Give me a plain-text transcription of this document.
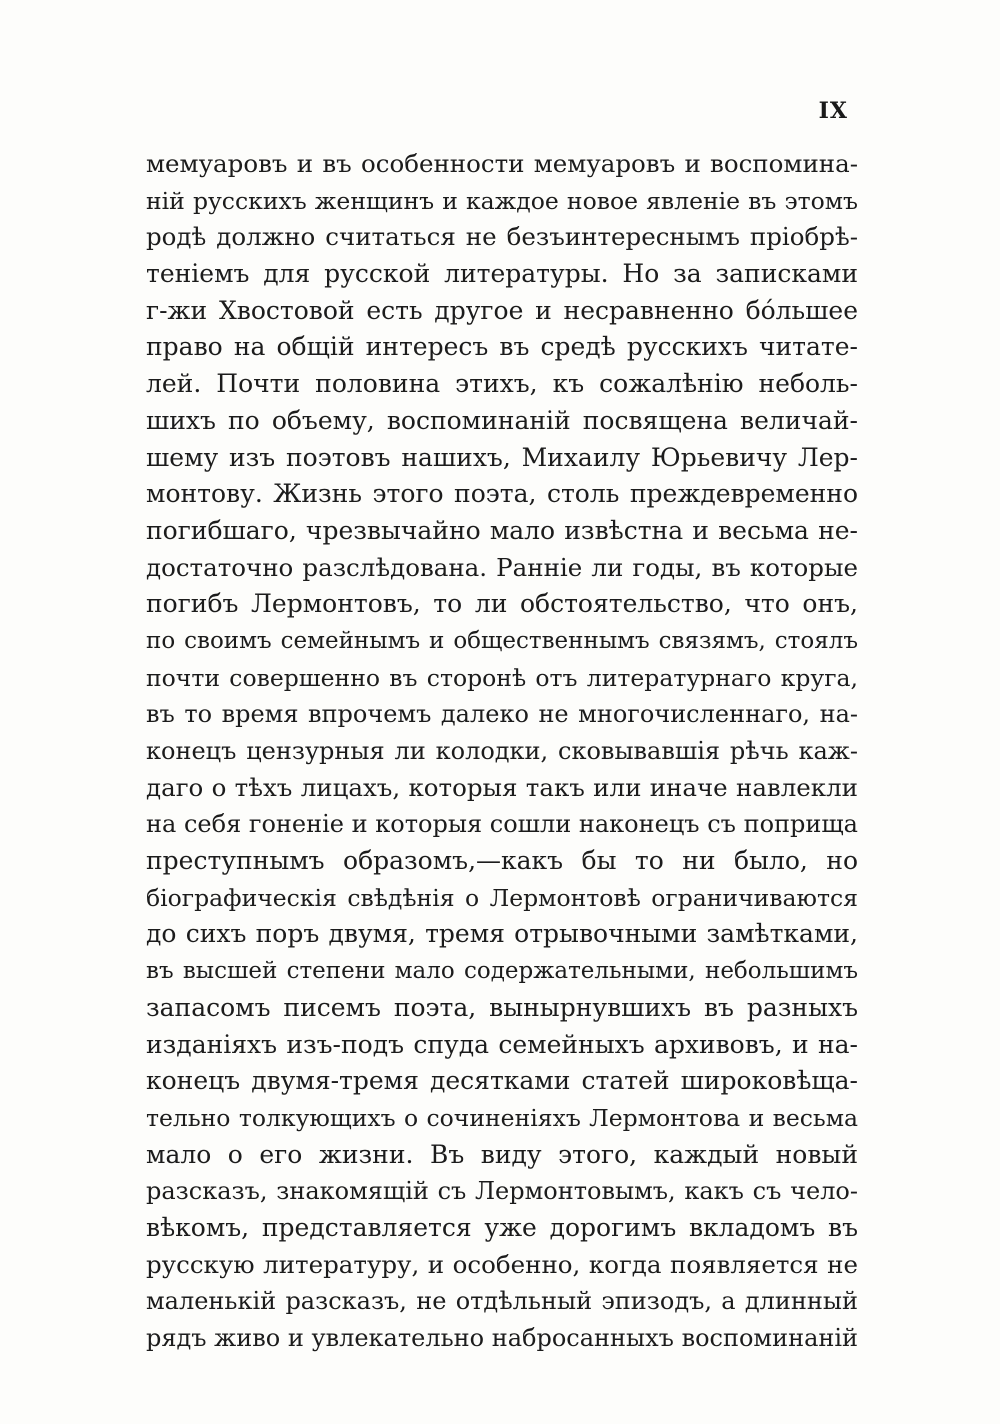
IX
мемуаровъ и въ особенности мемуаровъ и воспомина-
ній русскихъ женщинъ и каждое новое явленіе въ этомъ
родѣ должно считаться не безъинтереснымъ пріобрѣ-
теніемъ для русской литературы. Но за записками
г-жи Хвостовой есть другое и несравненно бóльшее
право на общій интересъ въ средѣ русскихъ читате-
лей. Почти половина этихъ, къ сожалѣнію неболь-
шихъ по объему, воспоминаній посвящена величай-
шему изъ поэтовъ нашихъ, Михаилу Юрьевичу Лер-
монтову. Жизнь этого поэта, столь преждевременно
погибшаго, чрезвычайно мало извѣстна и весьма не-
достаточно разслѣдована. Ранніе ли годы, въ которые
погибъ Лермонтовъ, то ли обстоятельство, что онъ,
по своимъ семейнымъ и общественнымъ связямъ, стоялъ
почти совершенно въ сторонѣ отъ литературнаго круга,
въ то время впрочемъ далеко не многочисленнаго, на-
конецъ цензурныя ли колодки, сковывавшія рѣчь каж-
даго о тѣхъ лицахъ, которыя такъ или иначе навлекли
на себя гоненіе и которыя сошли наконецъ съ поприща
преступнымъ образомъ,—какъ бы то ни было, но
біографическія свѣдѣнія о Лермонтовѣ ограничиваются
до сихъ поръ двумя, тремя отрывочными замѣтками,
въ высшей степени мало содержательными, небольшимъ
запасомъ писемъ поэта, вынырнувшихъ въ разныхъ
изданіяхъ изъ-подъ спуда семейныхъ архивовъ, и на-
конецъ двумя-тремя десятками статей широковѣща-
тельно толкующихъ о сочиненіяхъ Лермонтова и весьма
мало о его жизни. Въ виду этого, каждый новый
разсказъ, знакомящій съ Лермонтовымъ, какъ съ чело-
вѣкомъ, представляется уже дорогимъ вкладомъ въ
русскую литературу, и особенно, когда появляется не
маленькій разсказъ, не отдѣльный эпизодъ, а длинный
рядъ живо и увлекательно набросанныхъ воспоминаній
